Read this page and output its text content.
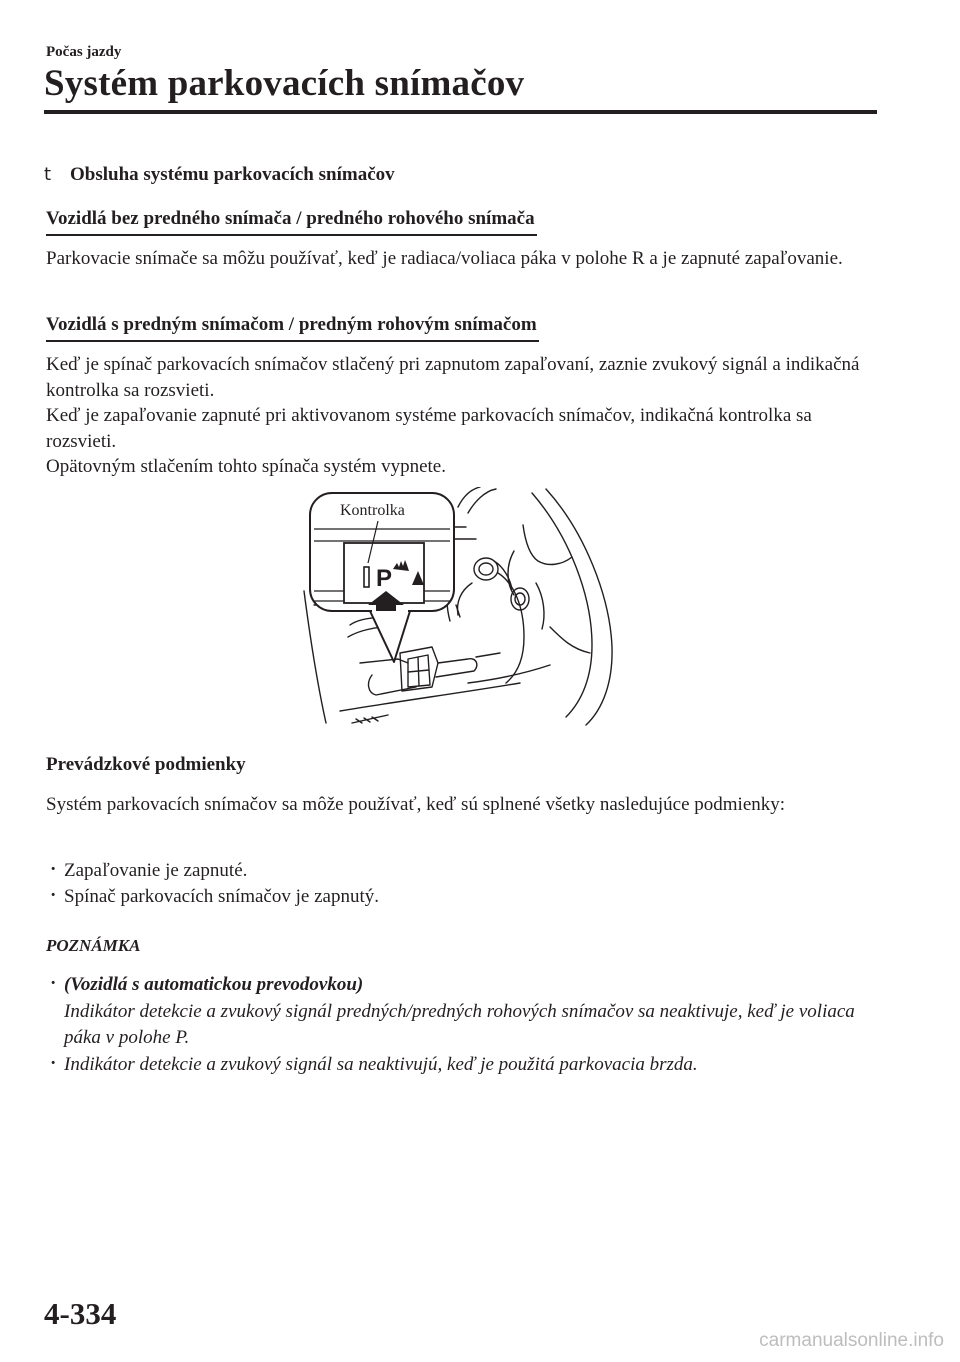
Počas jazdy
Systém parkovacích snímačov
t Obsluha systému parkovacích snímačov
Vozidlá bez predného snímača / predného rohového snímača

Parkovacie snímače sa môžu používať, keď je radiaca/voliaca páka v polohe R a je zapnuté zapaľovanie.

Vozidlá s predným snímačom / predným rohovým snímačom

Keď je spínač parkovacích snímačov stlačený pri zapnutom zapaľovaní, zaznie zvukový signál a indikačná kontrolka sa rozsvieti.

Keď je zapaľovanie zapnuté pri aktivovanom systéme parkovacích snímačov, indikačná kontrolka sa rozsvieti.

Opätovným stlačením tohto spínača systém vypnete.

P
Kontrolka
Prevádzkové podmienky

Systém parkovacích snímačov sa môže používať, keď sú splnené všetky nasledujúce podmienky:

· Zapaľovanie je zapnuté.
· Spínač parkovacích snímačov je zapnutý.
POZNÁMKA
· (Vozidlá s automatickou prevodovkou)
Indikátor detekcie a zvukový signál predných/predných rohových snímačov sa neaktivuje, keď je voliaca páka v polohe P.
· Indikátor detekcie a zvukový signál sa neaktivujú, keď je použitá parkovacia brzda.
4-334
carmanualsonline.info
